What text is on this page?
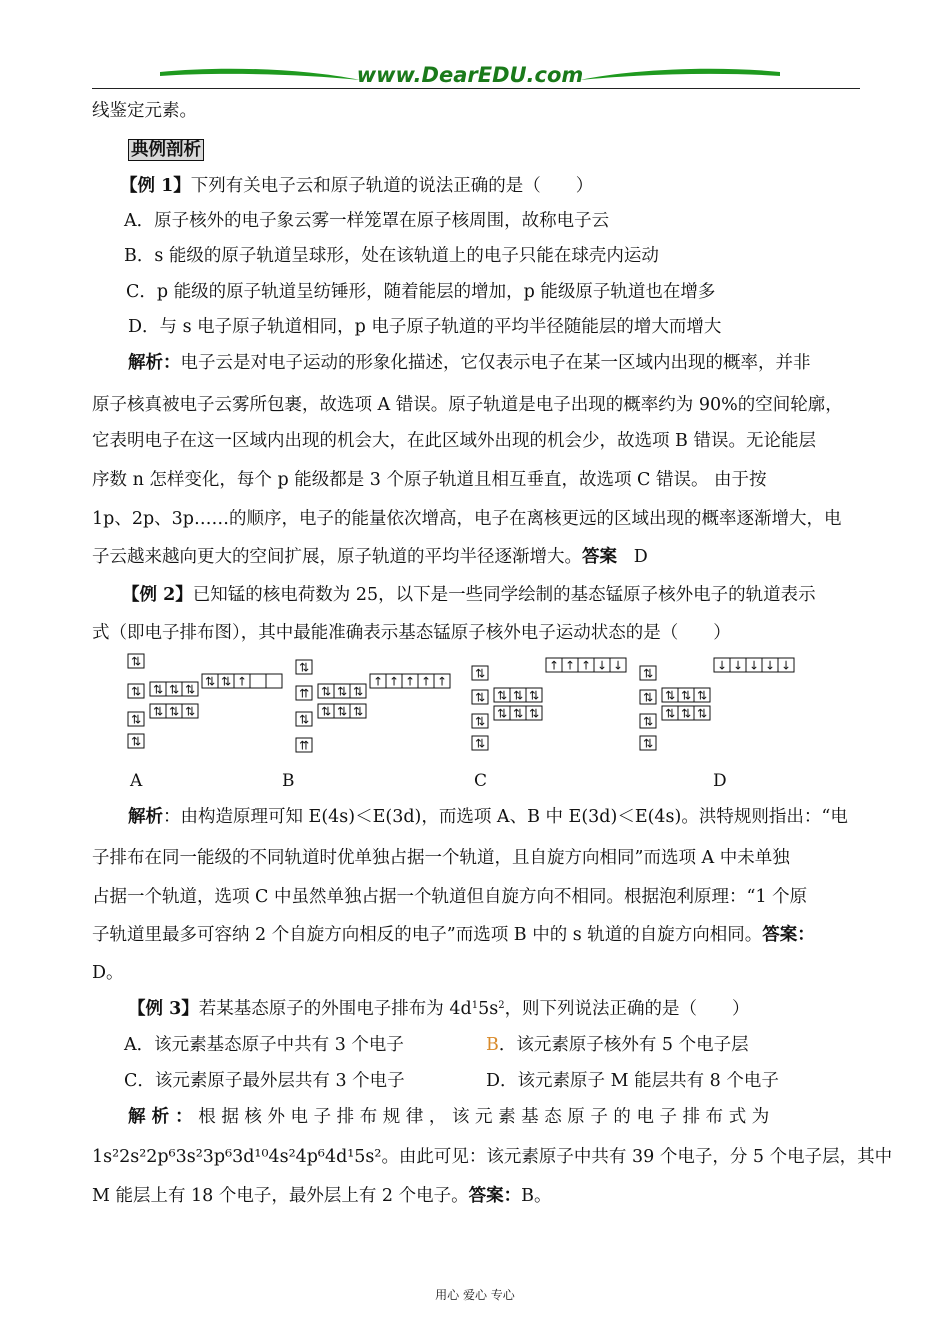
www.DearEDU.com
线鉴定元素。
典例剖析
【例 1】下列有关电子云和原子轨道的说法正确的是（　　）
A．原子核外的电子象云雾一样笼罩在原子核周围，故称电子云
B．s 能级的原子轨道呈球形，处在该轨道上的电子只能在球壳内运动
C．p 能级的原子轨道呈纺锤形，随着能层的增加，p 能级原子轨道也在增多
D．与 s 电子原子轨道相同，p 电子原子轨道的平均半径随能层的增大而增大
解析：电子云是对电子运动的形象化描述，它仅表示电子在某一区域内出现的概率，并非
原子核真被电子云雾所包裹，故选项 A 错误。原子轨道是电子出现的概率约为 90%的空间轮廓，
它表明电子在这一区域内出现的机会大，在此区域外出现的机会少，故选项 B 错误。无论能层
序数 n 怎样变化，每个 p 能级都是 3 个原子轨道且相互垂直，故选项 C 错误。 由于按
1p、2p、3p……的顺序，电子的能量依次增高，电子在离核更远的区域出现的概率逐渐增大，电
子云越来越向更大的空间扩展，原子轨道的平均半径逐渐增大。答案 D
【例 2】已知锰的核电荷数为 25，以下是一些同学绘制的基态锰原子核外电子的轨道表示
式（即电子排布图），其中最能准确表示基态锰原子核外电子运动状态的是（　　）
⇅
⇅
⇅
⇅
⇅ ⇅ ⇅
⇅ ⇅ ⇅
⇅ ⇅ ↑
⇅
⇈
⇅
⇈
⇅ ⇅ ⇅
⇅ ⇅ ⇅
↑ ↑ ↑ ↑ ↑
⇅
⇅
⇅
⇅
⇅ ⇅ ⇅
⇅ ⇅ ⇅
↑ ↑ ↑ ↓ ↓
⇅
⇅
⇅
⇅
⇅ ⇅ ⇅
⇅ ⇅ ⇅
↓ ↓ ↓ ↓ ↓
A	B	C	D
解析：由构造原理可知 E(4s)＜E(3d)，而选项 A、B 中 E(3d)＜E(4s)。洪特规则指出：“电
子排布在同一能级的不同轨道时优单独占据一个轨道，且自旋方向相同”而选项 A 中未单独
占据一个轨道，选项 C 中虽然单独占据一个轨道但自旋方向不相同。根据泡利原理：“1 个原
子轨道里最多可容纳 2 个自旋方向相反的电子”而选项 B 中的 s 轨道的自旋方向相同。答案：
D。
【例 3】若某基态原子的外围电子排布为 $4d^15s^2$，则下列说法正确的是（　　）
A．该元素基态原子中共有 3 个电子	B．该元素原子核外有 5 个电子层
C．该元素原子最外层共有 3 个电子	D．该元素原子 M 能层共有 8 个电子
解 析 ： 根 据 核 外 电 子 排 布 规 律 ， 该 元 素 基 态 原 子 的 电 子 排 布 式 为
1s²2s²2p⁶3s²3p⁶3d¹⁰4s²4p⁶4d¹5s²。由此可见：该元素原子中共有 39 个电子，分 5 个电子层，其中
M 能层上有 18 个电子，最外层上有 2 个电子。答案：B。
用心 爱心 专心
